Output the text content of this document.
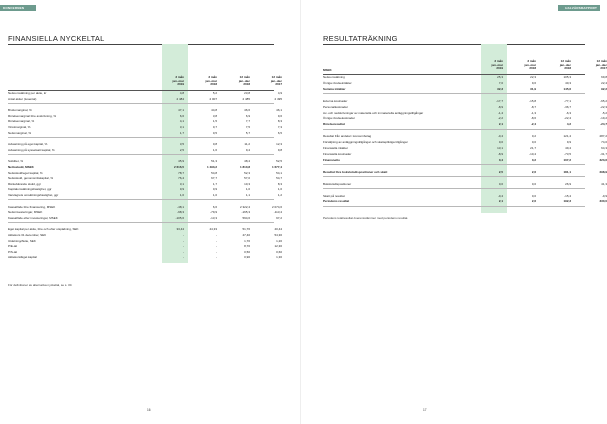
KONCERNEN
FINANSIELLA NYCKELTAL
3 mån
jan–mar
2019
3 mån
jan–mar
2018
12 mån
jan–dec
2018
12 mån
jan–dec
2017
Nettoomsättning per aktie, kr	4,8	5,2	23,8	4,9
Antal aktier (tusental)	2 484	2 007	2 485	2 495
Bruttomarginal, %	47,1	44,8	46,6	46,1
Rörelsemarginal före avskrivning, %	6,6	3,8	6,9	9,6
Rörelsemarginal, %	4,1	1,5	7,7	8,3
Vinstmarginal, %	3,1	0,7	7,5	7,3
Nettomarginal, %	1,7	0,5	5,7	6,5
Avkastning på eget kapital, %	3,5	0,8	11,2	12,3
Avkastning på sysselsatt kapital, %	2,5	1,6	9,4	9,8
Soliditet, %	45,9	51,3	48,4	52,5
Nettoskuld, MSEK	2 616,5	1 493,2	1 810,8	1 677,4
Nettoskuld/eget kapital, %	78,7	54,8	52,3	54,1
Nettoskuld, genomsnittskapital, %	76,4	67,7	57,0	54,7
Räntebärande skuld, ggr	3,1	1,7	10,3	8,3
Kapitalomsättningshastighet, ggr	0,9	0,9	1,0	1,0
Varulagrets omsättningshastighet, ggr	1,0	1,0	1,1	1,2
Kassaflöde före finansiering, MSEK	-48,1	6,6	2 322,4	2 074,6
Nettoinvesteringar, MSEK	-98,3	-79,9	-165,3	-113,4
Kassaflöde efter investeringar, MSEK	-105,6	-13,3	594,6	97,2
Eget kapital per aktie, före och efter utspädning, SEK	33,44	44,33	51,76	40,44
Aktiekurs 31 december, SEK	-	-	47,40	54,30
Utdelning/Aktie, SEK	-	-	1,70	1,20
P/E-tal	-	-	8,70	12,30
P/S-tal	-	-	0,50	0,60
Aktiekurs/Eget kapital	-	-	0,90	1,30
För definitioner av alternativa nyckeltal, se s. 30.
16
HALVÅRSRAPPORT
RESULTATRÄKNING
3 mån
jan–mar
2019
3 mån
jan–mar
2018
12 mån
jan–dec
2018
12 mån
jan–dec
2017
MSEK
Nettoomsättning	25,3	22,3	105,3	69,8
Övriga rörelseintäkter	7,0	9,6	40,3	22,4
Summa intäkter	32,3	31,9	145,6	92,2
Externa kostnader	-17,7	-15,8	-77,1	-65,2
Personalkostnader	-8,9	-8,7	-36,7	-22,3
Av- och nedskrivningar av materiella och immateriella anläggningstillgångar	-1,4	-1,3	-6,3	-5,2
Övriga rörelsekostnader	-2,2	-8,6	-22,4	-19,2
Rörelseresultat	2,1	-2,4	4,2	-24,7
Resultat från andelar i koncernbolag	-0,4	0,2	121,4	287,2
Försäljning av anläggningstillgångar och skattepliktiga tillgångar	0,0	0,0	9,9	74,0
Finansiella intäkter	13,1	21,7	49,4	64,3
Finansiella kostnader	-8,9	-10,4	-73,5	-31,7
Finansnetto	0,4	0,2	107,2	323,6
Resultat före bokslutsdispositioner och skatt	2,5	2,6	181,1	298,9
Bokslutsdispositioner	0,0	0,0	26,9	41,3
Skatt på resultat	-0,4	0,0	-15,4	-9,9
Periodens resultat	2,1	2,6	192,3	330,0
Periodens totalresultat överensstämmer med periodens resultat.
17
